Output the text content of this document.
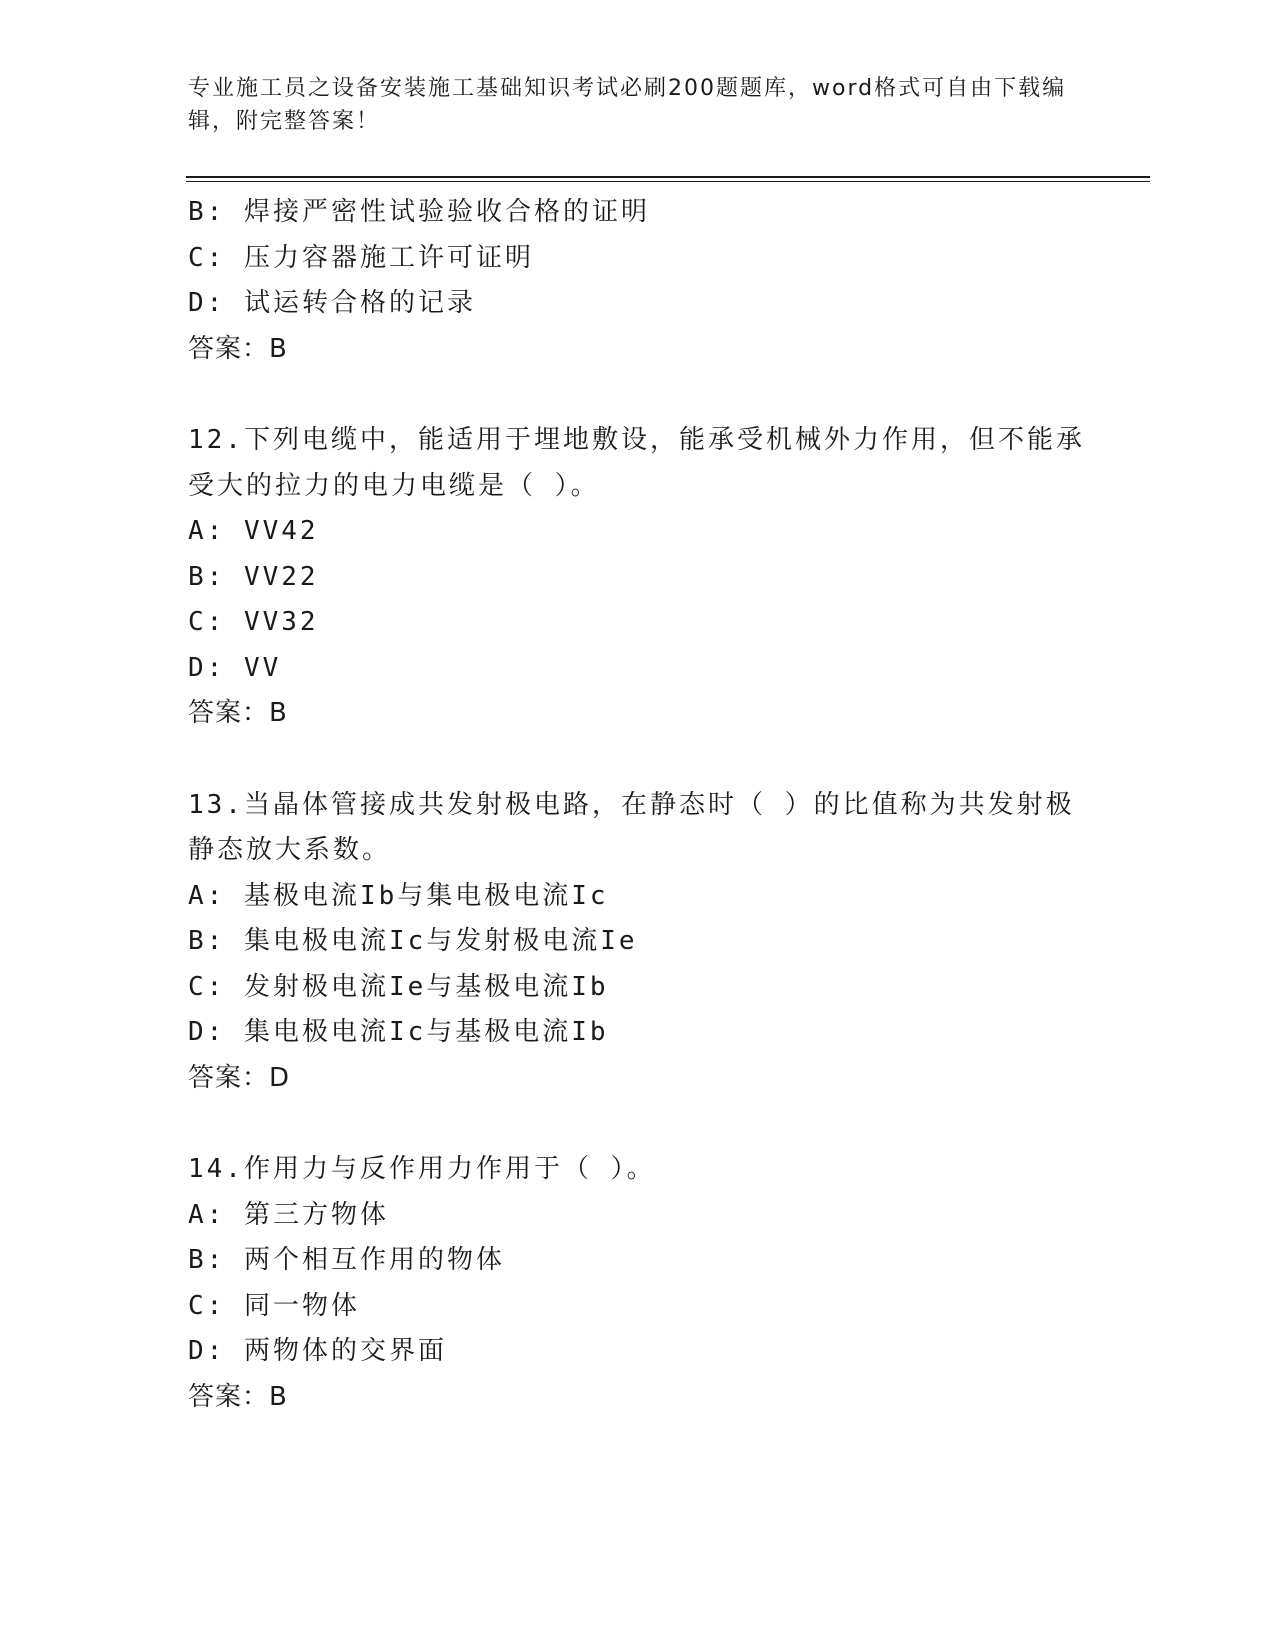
专业施工员之设备安装施工基础知识考试必刷200题题库，word格式可自由下载编辑，附完整答案！

B: 焊接严密性试验验收合格的证明
C: 压力容器施工许可证明
D: 试运转合格的记录
答案：B
12.下列电缆中，能适用于埋地敷设，能承受机械外力作用，但不能承
受大的拉力的电力电缆是（ ）。
A: VV42
B: VV22
C: VV32
D: VV
答案：B
13.当晶体管接成共发射极电路，在静态时（ ）的比值称为共发射极
静态放大系数。
A: 基极电流Ib与集电极电流Ic
B: 集电极电流Ic与发射极电流Ie
C: 发射极电流Ie与基极电流Ib
D: 集电极电流Ic与基极电流Ib
答案：D
14.作用力与反作用力作用于（ ）。
A: 第三方物体
B: 两个相互作用的物体
C: 同一物体
D: 两物体的交界面
答案：B
